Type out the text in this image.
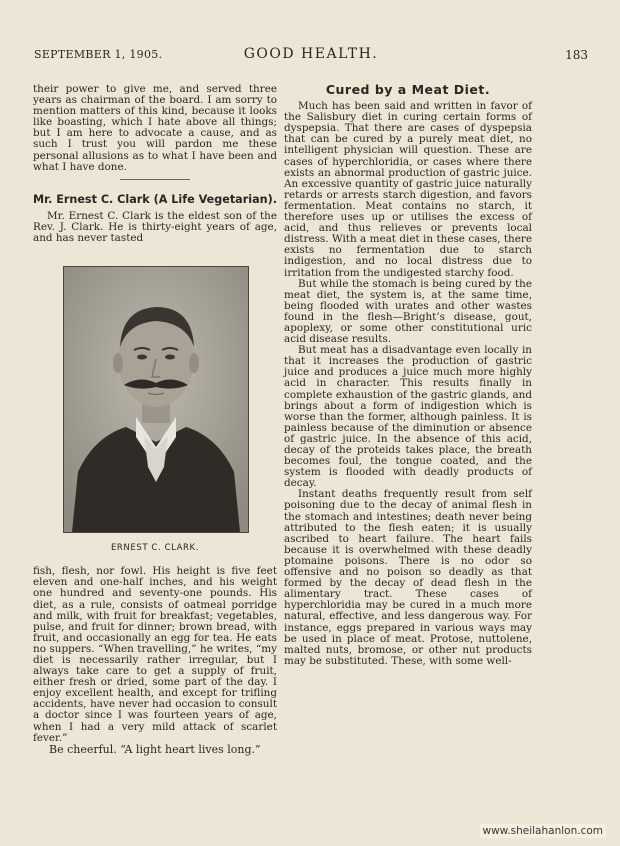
SEPTEMBER 1, 1905.	GOOD HEALTH.	183

their power to give me, and served three years as chairman of the board. I am sorry to mention matters of this kind, because it looks like boasting, which I hate above all things; but I am here to advocate a cause, and as such I trust you will pardon me these personal allusions as to what I have been and what I have done.

Mr. Ernest C. Clark (A Life Vegetarian).

Mr. Ernest C. Clark is the eldest son of the Rev. J. Clark. He is thirty-eight years of age, and has never tasted

ERNEST C. CLARK.

fish, flesh, nor fowl. His height is five feet eleven and one-half inches, and his weight one hundred and seventy-one pounds. His diet, as a rule, consists of oatmeal porridge and milk, with fruit for breakfast; vegetables, pulse, and fruit for dinner; brown bread, with fruit, and occasionally an egg for tea. He eats no suppers. “When travelling,” he writes, “my diet is necessarily rather irregular, but I always take care to get a supply of fruit, either fresh or dried, some part of the day. I enjoy excellent health, and except for trifling accidents, have never had occasion to consult a doctor since I was fourteen years of age, when I had a very mild attack of scarlet fever.”

Be cheerful. “A light heart lives long.”

Cured by a Meat Diet.

Much has been said and written in favor of the Salisbury diet in curing certain forms of dyspepsia. That there are cases of dyspepsia that can be cured by a purely meat diet, no intelligent physician will question. These are cases of hyperchloridia, or cases where there exists an abnormal production of gastric juice. An excessive quantity of gastric juice naturally retards or arrests starch digestion, and favors fermentation. Meat contains no starch, it therefore uses up or utilises the excess of acid, and thus relieves or prevents local distress. With a meat diet in these cases, there exists no fermentation due to starch indigestion, and no local distress due to irritation from the undigested starchy food.

But while the stomach is being cured by the meat diet, the system is, at the same time, being flooded with urates and other wastes found in the flesh—Bright’s disease, gout, apoplexy, or some other constitutional uric acid disease results.

But meat has a disadvantage even locally in that it increases the production of gastric juice and produces a juice much more highly acid in character. This results finally in complete exhaustion of the gastric glands, and brings about a form of indigestion which is worse than the former, although painless. It is painless because of the diminution or absence of gastric juice. In the absence of this acid, decay of the proteids takes place, the breath becomes foul, the tongue coated, and the system is flooded with deadly products of decay.

Instant deaths frequently result from self poisoning due to the decay of animal flesh in the stomach and intestines; death never being attributed to the flesh eaten; it is usually ascribed to heart failure. The heart fails because it is overwhelmed with these deadly ptomaine poisons. There is no odor so offensive and no poison so deadly as that formed by the decay of dead flesh in the alimentary tract. These cases of hyperchloridia may be cured in a much more natural, effective, and less dangerous way. For instance, eggs prepared in various ways may be used in place of meat. Protose, nuttolene, malted nuts, bromose, or other nut products may be substituted. These, with some well-

www.sheilahanlon.com
